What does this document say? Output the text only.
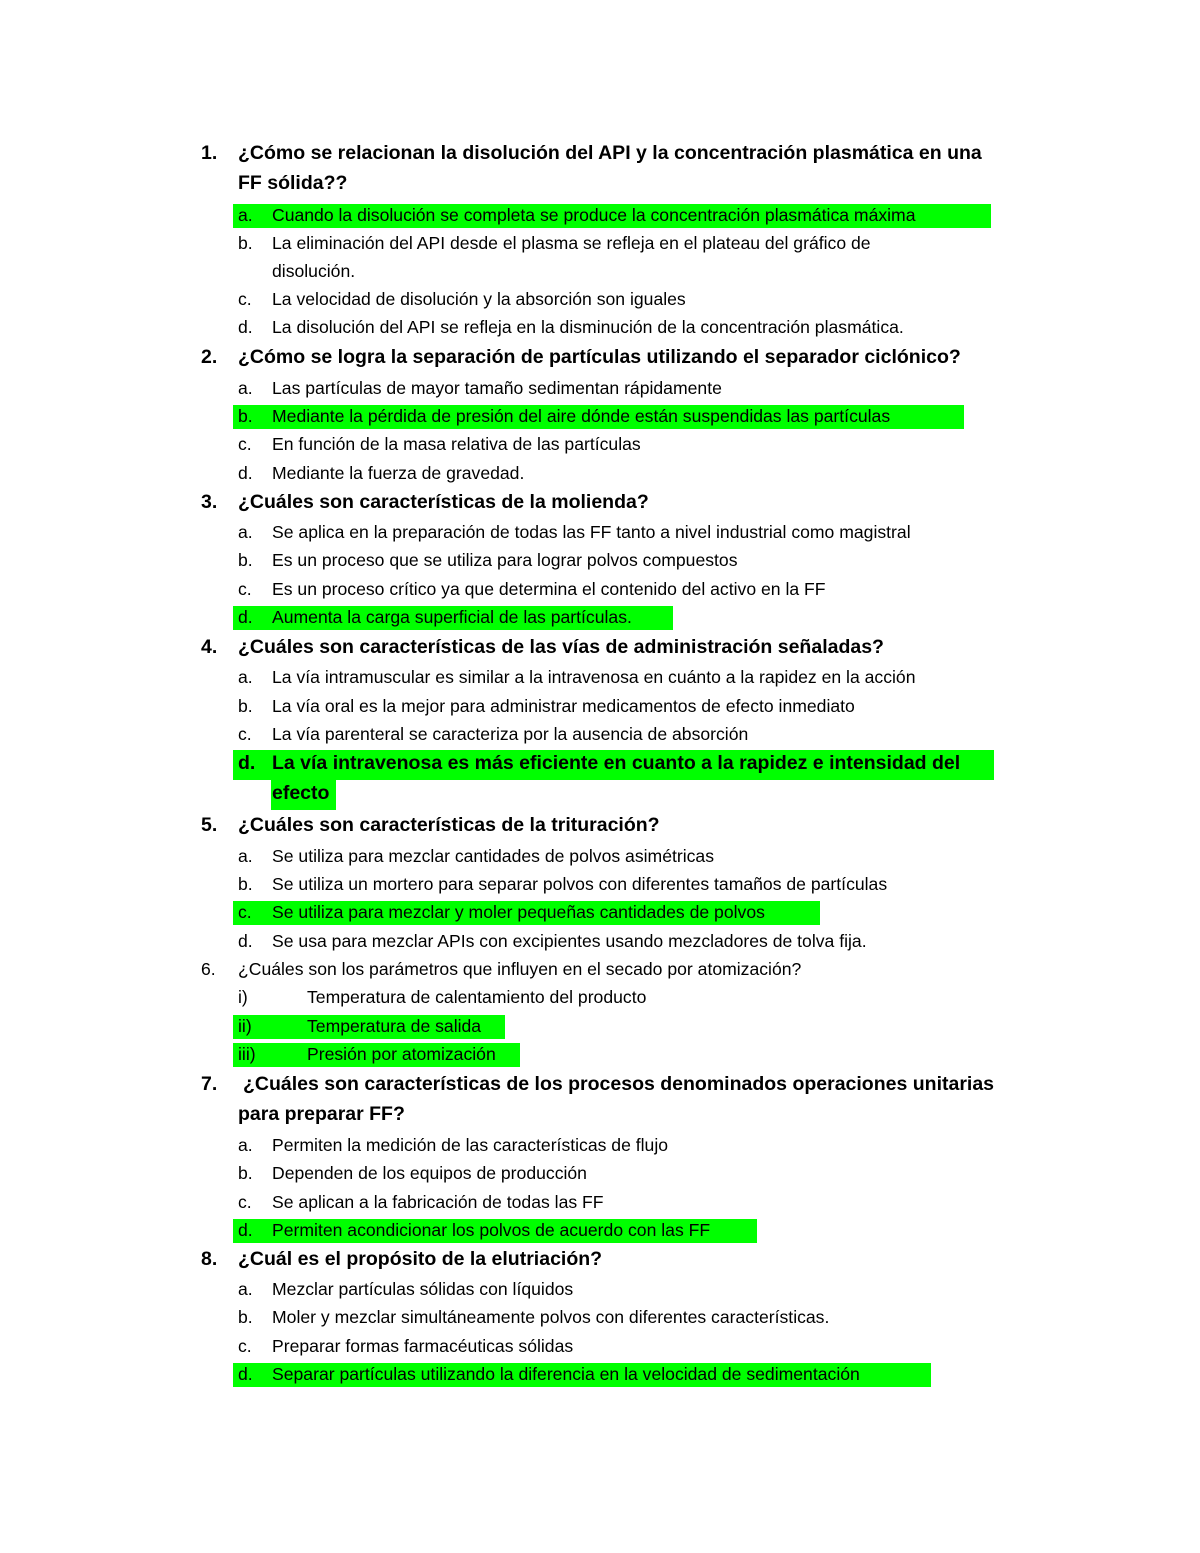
1. ¿Cómo se relacionan la disolución del API y la concentración plasmática en una
FF sólida??
a. Cuando la disolución se completa se produce la concentración plasmática máxima
b. La eliminación del API desde el plasma se refleja en el plateau del gráfico de
disolución.
c. La velocidad de disolución y la absorción son iguales
d. La disolución del API se refleja en la disminución de la concentración plasmática.
2. ¿Cómo se logra la separación de partículas utilizando el separador ciclónico?
a. Las partículas de mayor tamaño sedimentan rápidamente
b. Mediante la pérdida de presión del aire dónde están suspendidas las partículas
c. En función de la masa relativa de las partículas
d. Mediante la fuerza de gravedad.
3. ¿Cuáles son características de la molienda?
a. Se aplica en la preparación de todas las FF tanto a nivel industrial como magistral
b. Es un proceso que se utiliza para lograr polvos compuestos
c. Es un proceso crítico ya que determina el contenido del activo en la FF
d. Aumenta la carga superficial de las partículas.
4. ¿Cuáles son características de las vías de administración señaladas?
a. La vía intramuscular es similar a la intravenosa en cuánto a la rapidez en la acción
b. La vía oral es la mejor para administrar medicamentos de efecto inmediato
c. La vía parenteral se caracteriza por la ausencia de absorción
d. La vía intravenosa es más eficiente en cuanto a la rapidez e intensidad del
efecto
5. ¿Cuáles son características de la trituración?
a. Se utiliza para mezclar cantidades de polvos asimétricas
b. Se utiliza un mortero para separar polvos con diferentes tamaños de partículas
c. Se utiliza para mezclar y moler pequeñas cantidades de polvos
d. Se usa para mezclar APIs con excipientes usando mezcladores de tolva fija.
6. ¿Cuáles son los parámetros que influyen en el secado por atomización?
i)	Temperatura de calentamiento del producto
ii)	Temperatura de salida
iii)	Presión por atomización
7. ¿Cuáles son características de los procesos denominados operaciones unitarias
para preparar FF?
a. Permiten la medición de las características de flujo
b. Dependen de los equipos de producción
c. Se aplican a la fabricación de todas las FF
d. Permiten acondicionar los polvos de acuerdo con las FF
8. ¿Cuál es el propósito de la elutriación?
a. Mezclar partículas sólidas con líquidos
b. Moler y mezclar simultáneamente polvos con diferentes características.
c. Preparar formas farmacéuticas sólidas
d. Separar partículas utilizando la diferencia en la velocidad de sedimentación
